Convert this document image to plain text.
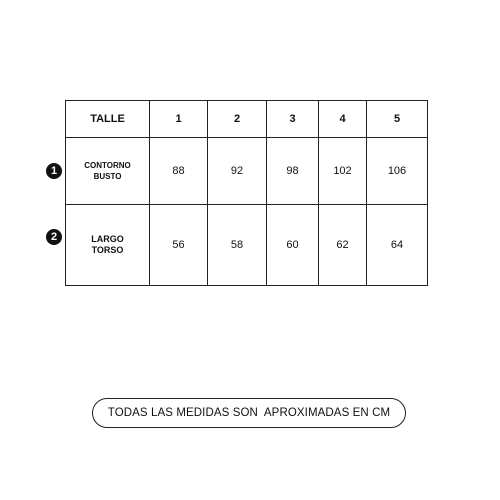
TALLE	1	2	3	4	5
CONTORNO
BUSTO	88	92	98	102	106
LARGO
TORSO	56	58	60	62	64
1
2
TODAS LAS MEDIDAS SON  APROXIMADAS EN CM
